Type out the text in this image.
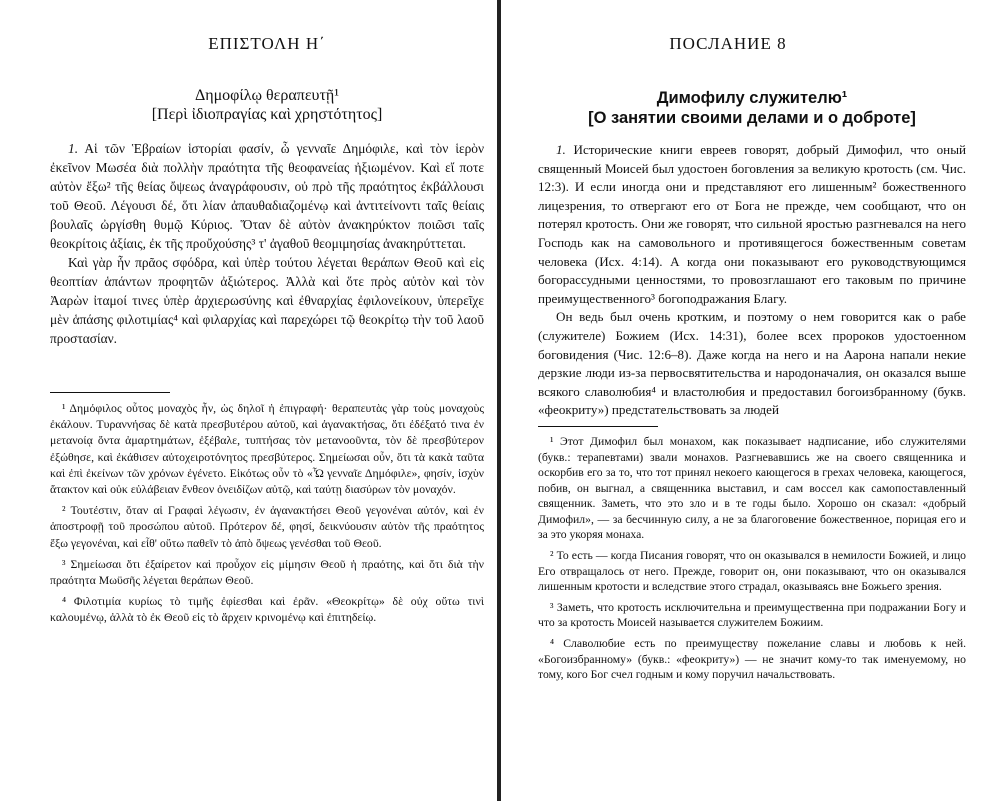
ΕΠΙΣΤΟΛΗ Η΄
Δημοφίλῳ θεραπευτῇ¹
[Περὶ ἰδιοπραγίας καὶ χρηστότητος]

1. Αἱ τῶν Ἑβραίων ἱστορίαι φασίν, ὦ γενναῖε Δημόφιλε, καὶ τὸν ἱερὸν ἐκεῖνον Μωσέα διὰ πολλὴν πραότητα τῆς θεοφανείας ἠξιωμένον. Καὶ εἴ ποτε αὐτὸν ἔξω² τῆς θείας ὄψεως ἀναγράφουσιν, οὐ πρὸ τῆς πραότητος ἐκβάλλουσι τοῦ Θεοῦ. Λέγουσι δέ, ὅτι λίαν ἀπαυθαδιαζομένῳ καὶ ἀντιτείνοντι ταῖς θείαις βουλαῖς ὠργίσθη θυμῷ Κύριος. Ὅταν δὲ αὐτὸν ἀνακηρύκτον ποιῶσι ταῖς θεοκρίτοις ἀξίαις, ἐκ τῆς προὔχούσης³ τ' ἀγαθοῦ θεομιμησίας ἀνακηρύττεται.

Καὶ γὰρ ἦν πρᾶος σφόδρα, καὶ ὑπὲρ τούτου λέγεται θεράπων Θεοῦ καὶ εἰς θεοπτίαν ἁπάντων προφητῶν ἀξιώτερος. Ἀλλὰ καὶ ὅτε πρὸς αὐτὸν καὶ τὸν Ἀαρὼν ἰταμοί τινες ὑπὲρ ἀρχιερωσύνης καὶ ἐθναρχίας ἐφιλονείκουν, ὑπερεῖχε μὲν ἁπάσης φιλοτιμίας⁴ καὶ φιλαρχίας καὶ παρεχώρει τῷ θεοκρίτῳ τὴν τοῦ λαοῦ προστασίαν.

¹ Δημόφιλος οὗτος μοναχὸς ἦν, ὡς δηλοῖ ἡ ἐπιγραφή· θεραπευτὰς γὰρ τοὺς μοναχοὺς ἐκάλουν. Τυραννήσας δὲ κατὰ πρεσβυτέρου αὐτοῦ, καὶ ἀγανακτήσας, ὅτι ἐδέξατό τινα ἐν μετανοίᾳ ὄντα ἁμαρτημάτων, ἐξέβαλε, τυπτήσας τὸν μετανοοῦντα, τὸν δὲ πρεσβύτερον ἐξώθησε, καὶ ἐκάθισεν αὐτοχειροτόνητος πρεσβύτερος. Σημείωσαι οὖν, ὅτι τὰ κακὰ ταῦτα καὶ ἐπὶ ἐκείνων τῶν χρόνων ἐγένετο. Εἰκότως οὖν τὸ «Ὦ γενναῖε Δημόφιλε», φησίν, ἰσχὺν ἄτακτον καὶ οὐκ εὐλάβειαν ἔνθεον ὀνειδίζων αὐτῷ, καὶ ταύτῃ διασύρων τὸν μοναχόν.

² Τουτέστιν, ὅταν αἱ Γραφαὶ λέγωσιν, ἐν ἀγανακτήσει Θεοῦ γεγονέναι αὐτόν, καὶ ἐν ἀποστροφῇ τοῦ προσώπου αὐτοῦ. Πρότερον δέ, φησί, δεικνύουσιν αὐτὸν τῆς πραότητος ἔξω γεγονέναι, καὶ εἶθ' οὕτω παθεῖν τὸ ἀπὸ ὄψεως γενέσθαι τοῦ Θεοῦ.

³ Σημείωσαι ὅτι ἐξαίρετον καὶ προὖχον εἰς μίμησιν Θεοῦ ἡ πραότης, καὶ ὅτι διὰ τὴν πραότητα Μωϋσῆς λέγεται θεράπων Θεοῦ.

⁴ Φιλοτιμία κυρίως τὸ τιμῆς ἐφίεσθαι καὶ ἐρᾶν. «Θεοκρίτῳ» δὲ οὐχ οὕτω τινὶ καλουμένῳ, ἀλλὰ τὸ ἐκ Θεοῦ εἰς τὸ ἄρχειν κρινομένῳ καὶ ἐπιτηδείῳ.

ПОСЛАНИЕ 8
Димофилу служителю¹
[О занятии своими делами и о доброте]

1. Исторические книги евреев говорят, добрый Димофил, что оный священный Моисей был удостоен боговления за великую кротость (см. Чис. 12:3). И если иногда они и представляют его лишенным² божественного лицезрения, то отвергают его от Бога не прежде, чем сообщают, что он потерял кротость. Они же говорят, что сильной яростью разгневался на него Господь как на самовольного и противящегося божественным советам человека (Исх. 4:14). А когда они показывают его руководствующимся богорассудными ценностями, то провозглашают его таковым по причине преимущественного³ богоподражания Благу.

Он ведь был очень кротким, и поэтому о нем говорится как о рабе (служителе) Божием (Исх. 14:31), более всех пророков удостоенном боговидения (Чис. 12:6–8). Даже когда на него и на Аарона напали некие дерзкие люди из-за первосвятительства и народоначалия, он оказался выше всякого славолюбия⁴ и властолюбия и предоставил богоизбранному (букв. «феокриту») предстательствовать за людей

¹ Этот Димофил был монахом, как показывает надписание, ибо служителями (букв.: терапевтами) звали монахов. Разгневавшись же на своего священника и оскорбив его за то, что тот принял некоего кающегося в грехах человека, кающегося, побив, он выгнал, а священника выставил, и сам воссел как самопоставленный священник. Заметь, что это зло и в те годы было. Хорошо он сказал: «добрый Димофил», — за бесчинную силу, а не за благоговение божественное, порицая его и за это укоряя монаха.

² То есть — когда Писания говорят, что он оказывался в немилости Божией, и лицо Его отвращалось от него. Прежде, говорит он, они показывают, что он оказывался лишенным кротости и вследствие этого страдал, оказываясь вне Божьего зрения.

³ Заметь, что кротость исключительна и преимущественна при подражании Богу и что за кротость Моисей называется служителем Божиим.

⁴ Славолюбие есть по преимуществу пожелание славы и любовь к ней. «Богоизбранному» (букв.: «феокриту») — не значит кому-то так именуемому, но тому, кого Бог счел годным и кому поручил начальствовать.
